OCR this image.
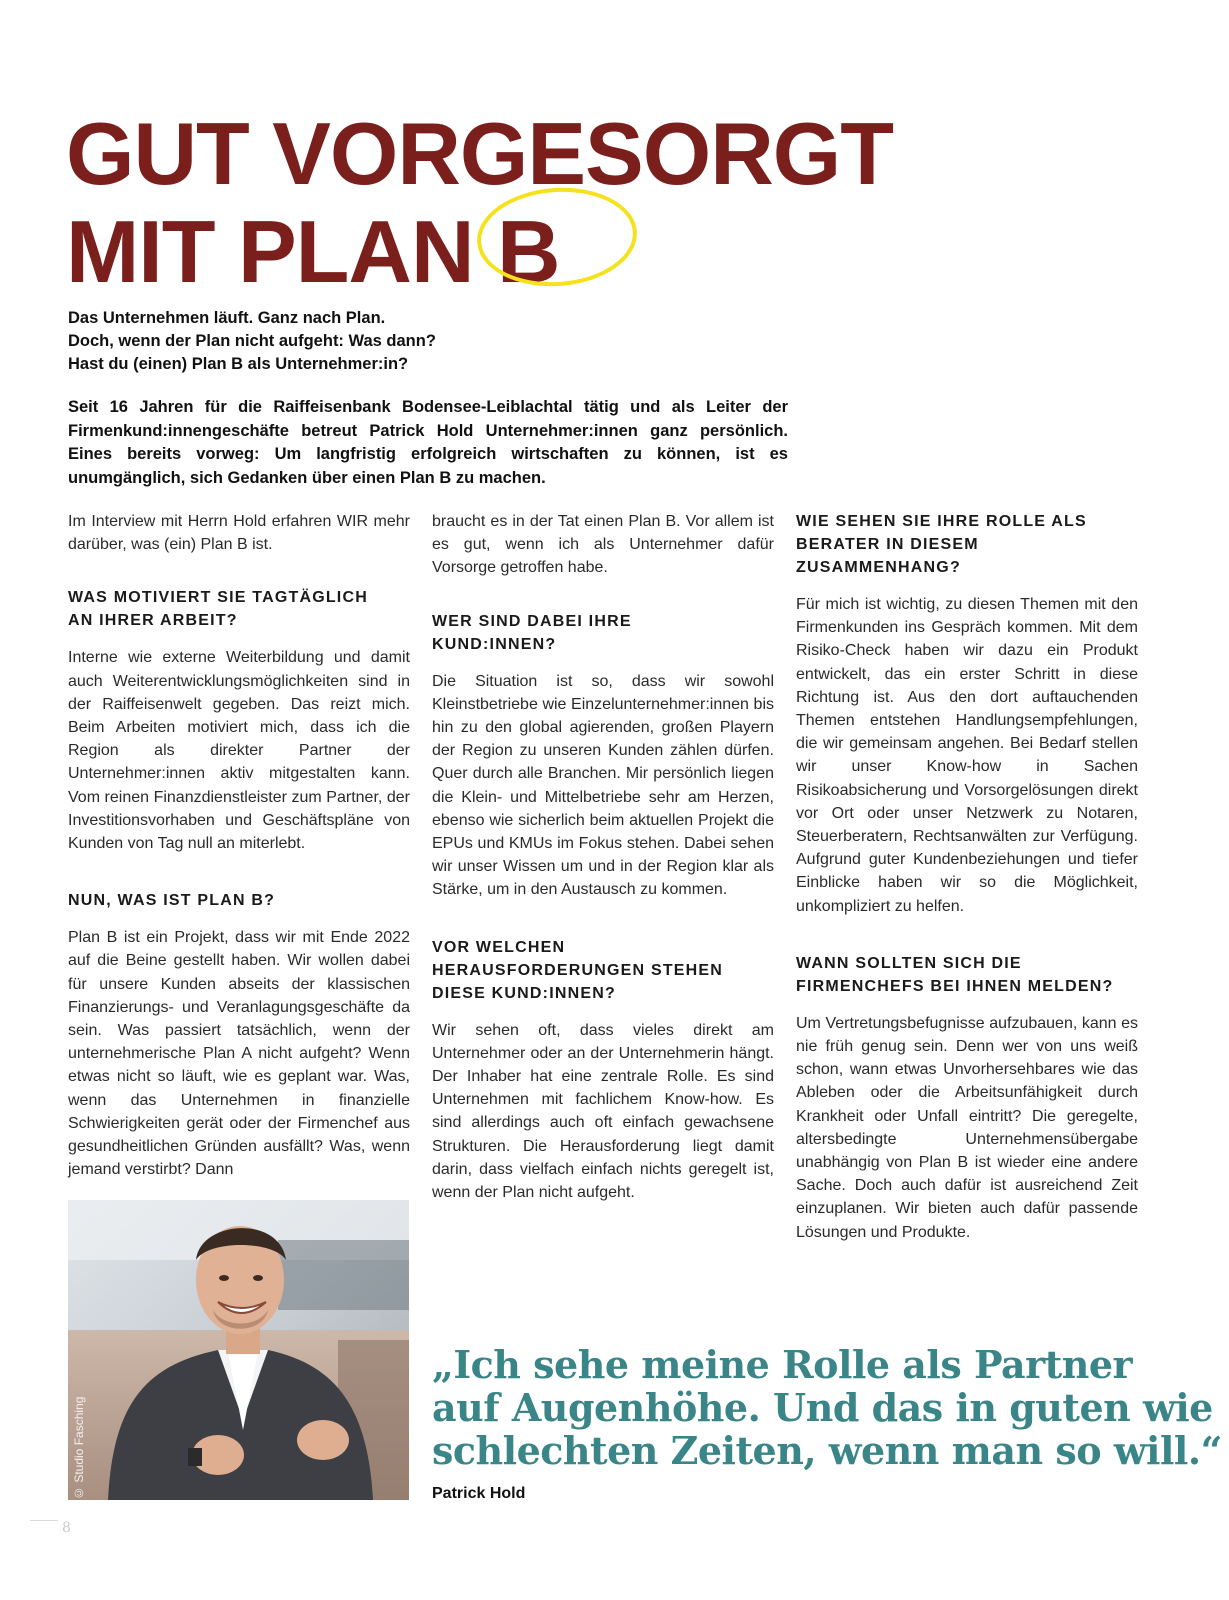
GUT VORGESORGT
MIT PLAN B
Das Unternehmen läuft. Ganz nach Plan.
Doch, wenn der Plan nicht aufgeht: Was dann?
Hast du (einen) Plan B als Unternehmer:in?
Seit 16 Jahren für die Raiffeisenbank Bodensee-Leiblachtal tätig und als Leiter der Firmenkund:innengeschäfte betreut Patrick Hold Unternehmer:innen ganz persönlich. Eines bereits vorweg: Um langfristig erfolgreich wirtschaften zu können, ist es unumgänglich, sich Gedanken über einen Plan B zu machen.

Im Interview mit Herrn Hold erfahren WIR mehr darüber, was (ein) Plan B ist.

WAS MOTIVIERT SIE TAGTÄGLICH AN IHRER ARBEIT?

Interne wie externe Weiterbildung und damit auch Weiterentwicklungsmöglichkeiten sind in der Raiffeisenwelt gegeben. Das reizt mich. Beim Arbeiten motiviert mich, dass ich die Region als direkter Partner der Unternehmer:innen aktiv mitgestalten kann. Vom reinen Finanzdienstleister zum Partner, der Investitionsvorhaben und Geschäftspläne von Kunden von Tag null an miterlebt.

NUN, WAS IST PLAN B?

Plan B ist ein Projekt, dass wir mit Ende 2022 auf die Beine gestellt haben. Wir wollen dabei für unsere Kunden abseits der klassischen Finanzierungs- und Veranlagungsgeschäfte da sein. Was passiert tatsächlich, wenn der unternehmerische Plan A nicht aufgeht? Wenn etwas nicht so läuft, wie es geplant war. Was, wenn das Unternehmen in finanzielle Schwierigkeiten gerät oder der Firmenchef aus gesundheitlichen Gründen ausfällt? Was, wenn jemand verstirbt? Dann

braucht es in der Tat einen Plan B. Vor allem ist es gut, wenn ich als Unternehmer dafür Vorsorge getroffen habe.

WER SIND DABEI IHRE KUND:INNEN?

Die Situation ist so, dass wir sowohl Kleinstbetriebe wie Einzelunternehmer:innen bis hin zu den global agierenden, großen Playern der Region zu unseren Kunden zählen dürfen. Quer durch alle Branchen. Mir persönlich liegen die Klein- und Mittelbetriebe sehr am Herzen, ebenso wie sicherlich beim aktuellen Projekt die EPUs und KMUs im Fokus stehen. Dabei sehen wir unser Wissen um und in der Region klar als Stärke, um in den Austausch zu kommen.

VOR WELCHEN HERAUSFORDERUNGEN STEHEN DIESE KUND:INNEN?

Wir sehen oft, dass vieles direkt am Unternehmer oder an der Unternehmerin hängt. Der Inhaber hat eine zentrale Rolle. Es sind Unternehmen mit fachlichem Know-how. Es sind allerdings auch oft einfach gewachsene Strukturen. Die Herausforderung liegt damit darin, dass vielfach einfach nichts geregelt ist, wenn der Plan nicht aufgeht.

WIE SEHEN SIE IHRE ROLLE ALS BERATER IN DIESEM ZUSAMMENHANG?

Für mich ist wichtig, zu diesen Themen mit den Firmenkunden ins Gespräch kommen. Mit dem Risiko-Check haben wir dazu ein Produkt entwickelt, das ein erster Schritt in diese Richtung ist. Aus den dort auftauchenden Themen entstehen Handlungsempfehlungen, die wir gemeinsam angehen. Bei Bedarf stellen wir unser Know-how in Sachen Risikoabsicherung und Vorsorgelösungen direkt vor Ort oder unser Netzwerk zu Notaren, Steuerberatern, Rechtsanwälten zur Verfügung. Aufgrund guter Kundenbeziehungen und tiefer Einblicke haben wir so die Möglichkeit, unkompliziert zu helfen.

WANN SOLLTEN SICH DIE FIRMENCHEFS BEI IHNEN MELDEN?

Um Vertretungsbefugnisse aufzubauen, kann es nie früh genug sein. Denn wer von uns weiß schon, wann etwas Unvorhersehbares wie das Ableben oder die Arbeitsunfähigkeit durch Krankheit oder Unfall eintritt? Die geregelte, altersbedingte Unternehmensübergabe unabhängig von Plan B ist wieder eine andere Sache. Doch auch dafür ist ausreichend Zeit einzuplanen. Wir bieten auch dafür passende Lösungen und Produkte.

© Studio Fasching
„Ich sehe meine Rolle als Partner
auf Augenhöhe. Und das in guten wie
schlechten Zeiten, wenn man so will.“
Patrick Hold
8
